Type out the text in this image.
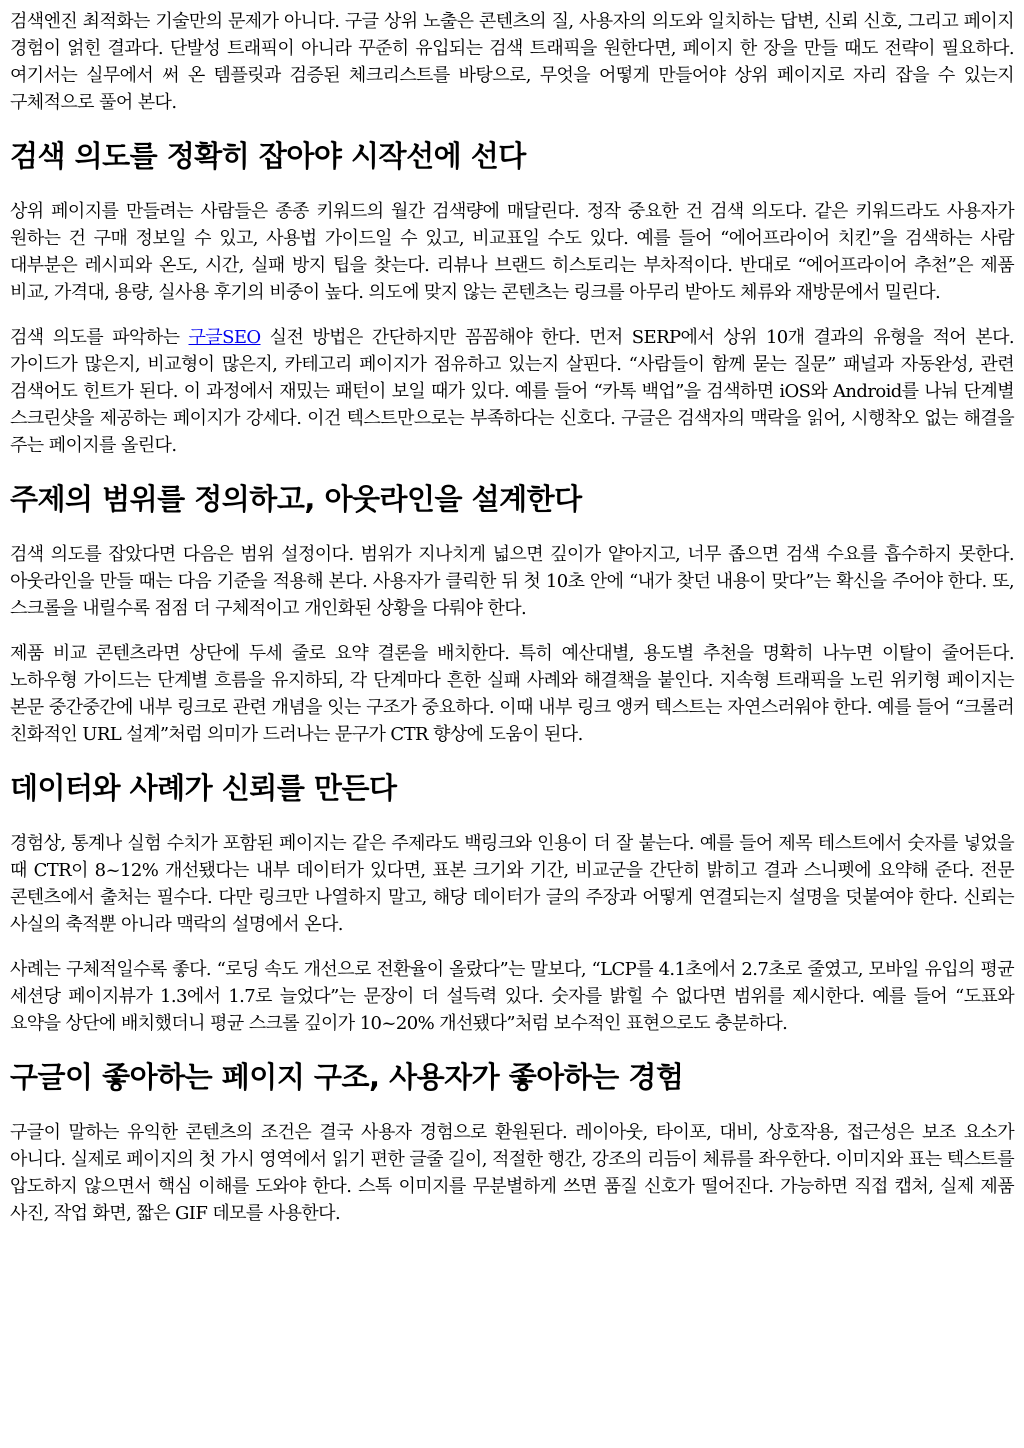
검색엔진 최적화는 기술만의 문제가 아니다. 구글 상위 노출은 콘텐츠의 질, 사용자의 의도와 일치하는 답변, 신뢰 신호, 그리고 페이지 경험이 얽힌 결과다. 단발성 트래픽이 아니라 꾸준히 유입되는 검색 트래픽을 원한다면, 페이지 한 장을 만들 때도 전략이 필요하다. 여기서는 실무에서 써 온 템플릿과 검증된 체크리스트를 바탕으로, 무엇을 어떻게 만들어야 상위 페이지로 자리 잡을 수 있는지 구체적으로 풀어 본다.

검색 의도를 정확히 잡아야 시작선에 선다

상위 페이지를 만들려는 사람들은 종종 키워드의 월간 검색량에 매달린다. 정작 중요한 건 검색 의도다. 같은 키워드라도 사용자가 원하는 건 구매 정보일 수 있고, 사용법 가이드일 수 있고, 비교표일 수도 있다. 예를 들어 “에어프라이어 치킨”을 검색하는 사람 대부분은 레시피와 온도, 시간, 실패 방지 팁을 찾는다. 리뷰나 브랜드 히스토리는 부차적이다. 반대로 “에어프라이어 추천”은 제품 비교, 가격대, 용량, 실사용 후기의 비중이 높다. 의도에 맞지 않는 콘텐츠는 링크를 아무리 받아도 체류와 재방문에서 밀린다.

검색 의도를 파악하는 구글SEO 실전 방법은 간단하지만 꼼꼼해야 한다. 먼저 SERP에서 상위 10개 결과의 유형을 적어 본다. 가이드가 많은지, 비교형이 많은지, 카테고리 페이지가 점유하고 있는지 살핀다. “사람들이 함께 묻는 질문” 패널과 자동완성, 관련 검색어도 힌트가 된다. 이 과정에서 재밌는 패턴이 보일 때가 있다. 예를 들어 “카톡 백업”을 검색하면 iOS와 Android를 나눠 단계별 스크린샷을 제공하는 페이지가 강세다. 이건 텍스트만으로는 부족하다는 신호다. 구글은 검색자의 맥락을 읽어, 시행착오 없는 해결을 주는 페이지를 올린다.

주제의 범위를 정의하고, 아웃라인을 설계한다

검색 의도를 잡았다면 다음은 범위 설정이다. 범위가 지나치게 넓으면 깊이가 얕아지고, 너무 좁으면 검색 수요를 흡수하지 못한다. 아웃라인을 만들 때는 다음 기준을 적용해 본다. 사용자가 클릭한 뒤 첫 10초 안에 “내가 찾던 내용이 맞다”는 확신을 주어야 한다. 또, 스크롤을 내릴수록 점점 더 구체적이고 개인화된 상황을 다뤄야 한다.

제품 비교 콘텐츠라면 상단에 두세 줄로 요약 결론을 배치한다. 특히 예산대별, 용도별 추천을 명확히 나누면 이탈이 줄어든다. 노하우형 가이드는 단계별 흐름을 유지하되, 각 단계마다 흔한 실패 사례와 해결책을 붙인다. 지속형 트래픽을 노린 위키형 페이지는 본문 중간중간에 내부 링크로 관련 개념을 잇는 구조가 중요하다. 이때 내부 링크 앵커 텍스트는 자연스러워야 한다. 예를 들어 “크롤러 친화적인 URL 설계”처럼 의미가 드러나는 문구가 CTR 향상에 도움이 된다.

데이터와 사례가 신뢰를 만든다

경험상, 통계나 실험 수치가 포함된 페이지는 같은 주제라도 백링크와 인용이 더 잘 붙는다. 예를 들어 제목 테스트에서 숫자를 넣었을 때 CTR이 8~12% 개선됐다는 내부 데이터가 있다면, 표본 크기와 기간, 비교군을 간단히 밝히고 결과 스니펫에 요약해 준다. 전문 콘텐츠에서 출처는 필수다. 다만 링크만 나열하지 말고, 해당 데이터가 글의 주장과 어떻게 연결되는지 설명을 덧붙여야 한다. 신뢰는 사실의 축적뿐 아니라 맥락의 설명에서 온다.

사례는 구체적일수록 좋다. “로딩 속도 개선으로 전환율이 올랐다”는 말보다, “LCP를 4.1초에서 2.7초로 줄였고, 모바일 유입의 평균 세션당 페이지뷰가 1.3에서 1.7로 늘었다”는 문장이 더 설득력 있다. 숫자를 밝힐 수 없다면 범위를 제시한다. 예를 들어 “도표와 요약을 상단에 배치했더니 평균 스크롤 깊이가 10~20% 개선됐다”처럼 보수적인 표현으로도 충분하다.

구글이 좋아하는 페이지 구조, 사용자가 좋아하는 경험

구글이 말하는 유익한 콘텐츠의 조건은 결국 사용자 경험으로 환원된다. 레이아웃, 타이포, 대비, 상호작용, 접근성은 보조 요소가 아니다. 실제로 페이지의 첫 가시 영역에서 읽기 편한 글줄 길이, 적절한 행간, 강조의 리듬이 체류를 좌우한다. 이미지와 표는 텍스트를 압도하지 않으면서 핵심 이해를 도와야 한다. 스톡 이미지를 무분별하게 쓰면 품질 신호가 떨어진다. 가능하면 직접 캡처, 실제 제품 사진, 작업 화면, 짧은 GIF 데모를 사용한다.
